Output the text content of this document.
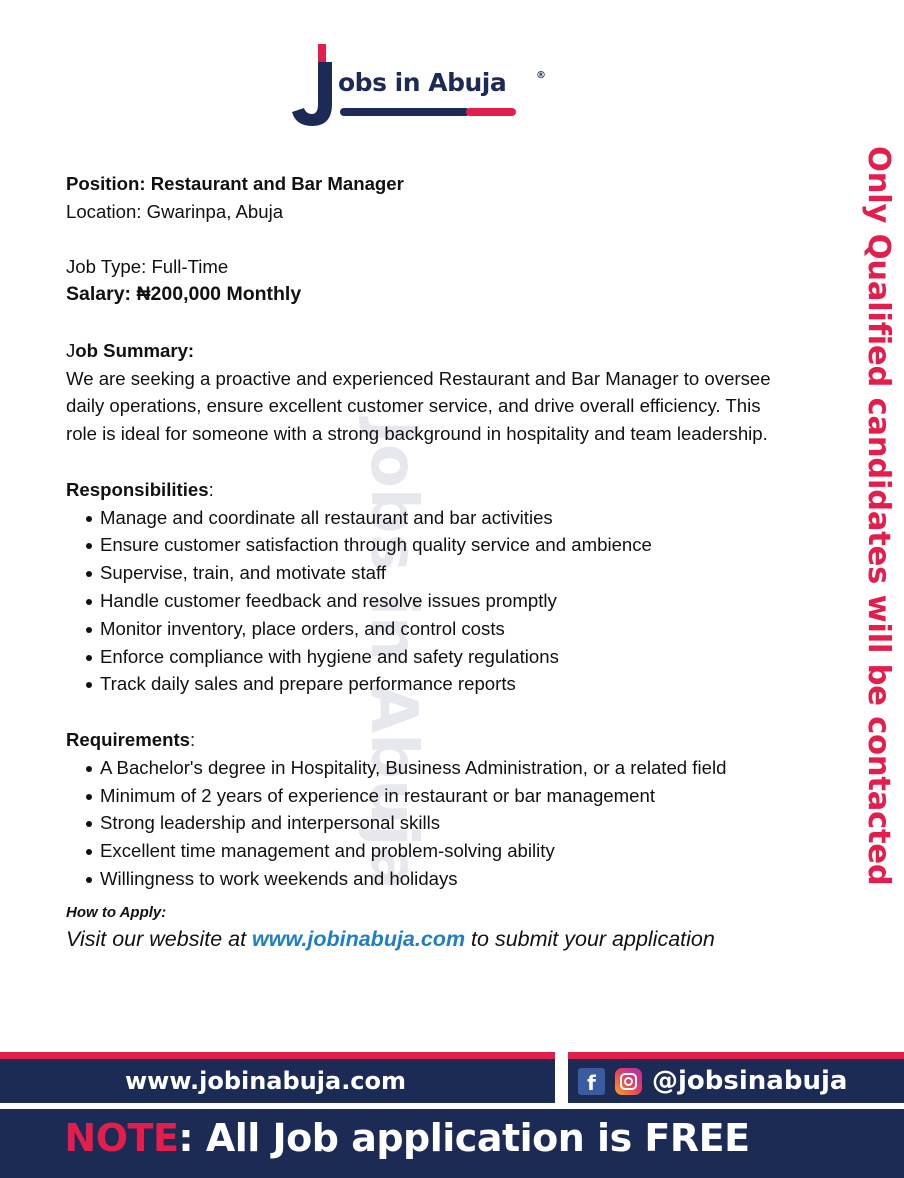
obs in Abuja	®
Jobs in Abuja	Only Qualified candidates will be contacted
Position: Restaurant and Bar Manager
Location: Gwarinpa, Abuja
Job Type: Full-Time
Salary: ₦200,000 Monthly
Job Summary:
We are seeking a proactive and experienced Restaurant and Bar Manager to oversee daily operations, ensure excellent customer service, and drive overall efficiency. This role is ideal for someone with a strong background in hospitality and team leadership.
Responsibilities:
Manage and coordinate all restaurant and bar activities
Ensure customer satisfaction through quality service and ambience
Supervise, train, and motivate staff
Handle customer feedback and resolve issues promptly
Monitor inventory, place orders, and control costs
Enforce compliance with hygiene and safety regulations
Track daily sales and prepare performance reports
Requirements:
A Bachelor's degree in Hospitality, Business Administration, or a related field
Minimum of 2 years of experience in restaurant or bar management
Strong leadership and interpersonal skills
Excellent time management and problem-solving ability
Willingness to work weekends and holidays
How to Apply:
Visit our website at www.jobinabuja.com to submit your application
www.jobinabuja.com	f	@jobsinabuja
NOTE: All Job application is FREE
